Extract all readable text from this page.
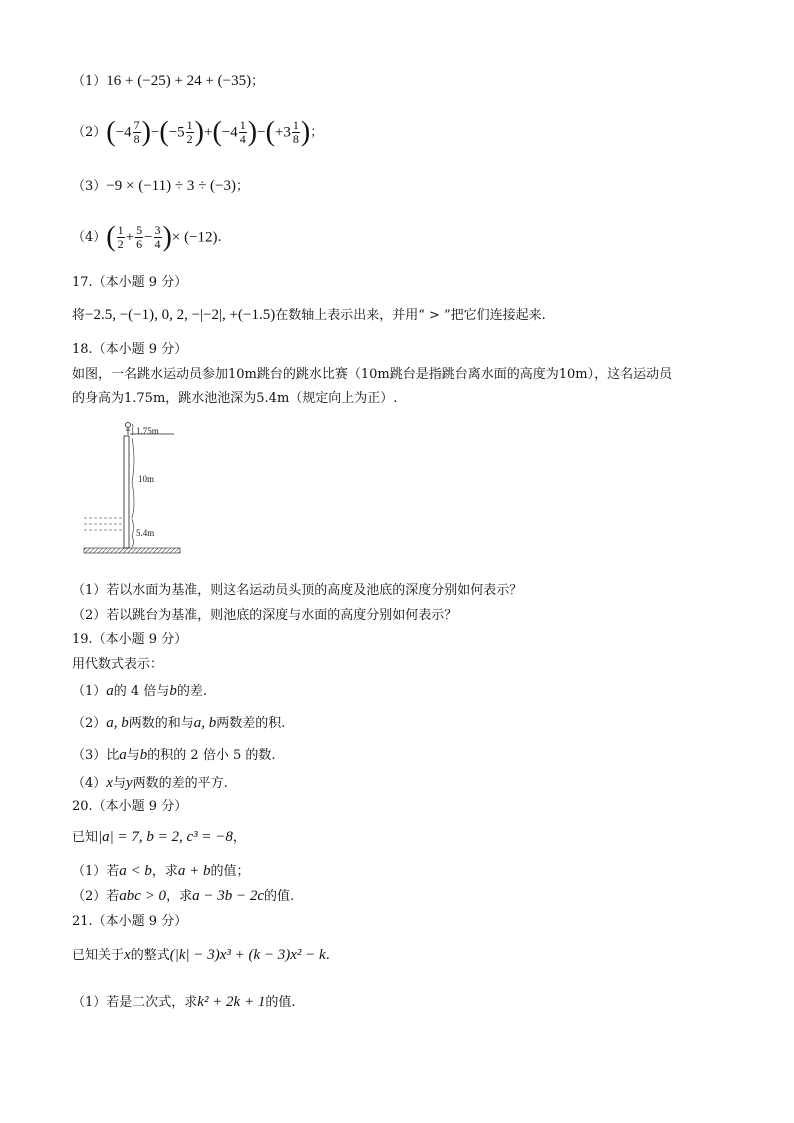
（1）16 + (−25) + 24 + (−35)；
$(2)(-4 \frac{7}{8} )-(-5 \frac{1}{2} )+(-4 \frac{1}{4} )-(+3 \frac{1}{8}$ )；
（3）−9 × (−11) ÷ 3 ÷ (−3)；
$(4)( \frac{1}{2} + \frac{5}{6} - \frac{3}{4}$ )× (−12).
17.（本小题 9 分）
将−2.5, −(−1), 0, 2, −|−2|, +(−1.5)在数轴上表示出来，并用“ > ”把它们连接起来.
18.（本小题 9 分）
如图，一名跳水运动员参加10m跳台的跳水比赛（10m跳台是指跳台离水面的高度为10m），这名运动员
的身高为1.75m，跳水池池深为5.4m（规定向上为正）.
1.75m
10m
5.4m
（1）若以水面为基准，则这名运动员头顶的高度及池底的深度分别如何表示？
（2）若以跳台为基准，则池底的深度与水面的高度分别如何表示？
19.（本小题 9 分）
用代数式表示：
（1）a的 4 倍与b的差.
（2）a, b两数的和与a, b两数差的积.
（3）比a与b的积的 2 倍小 5 的数.
（4）x与y两数的差的平方.
20.（本小题 9 分）
已知|a| = 7, b = 2, c³ = −8，
（1）若a < b，求a + b的值；
（2）若abc > 0，求a − 3b − 2c的值.
21.（本小题 9 分）
已知关于x的整式(|k| − 3)x³ + (k − 3)x² − k.
（1）若是二次式，求k² + 2k + 1的值.
